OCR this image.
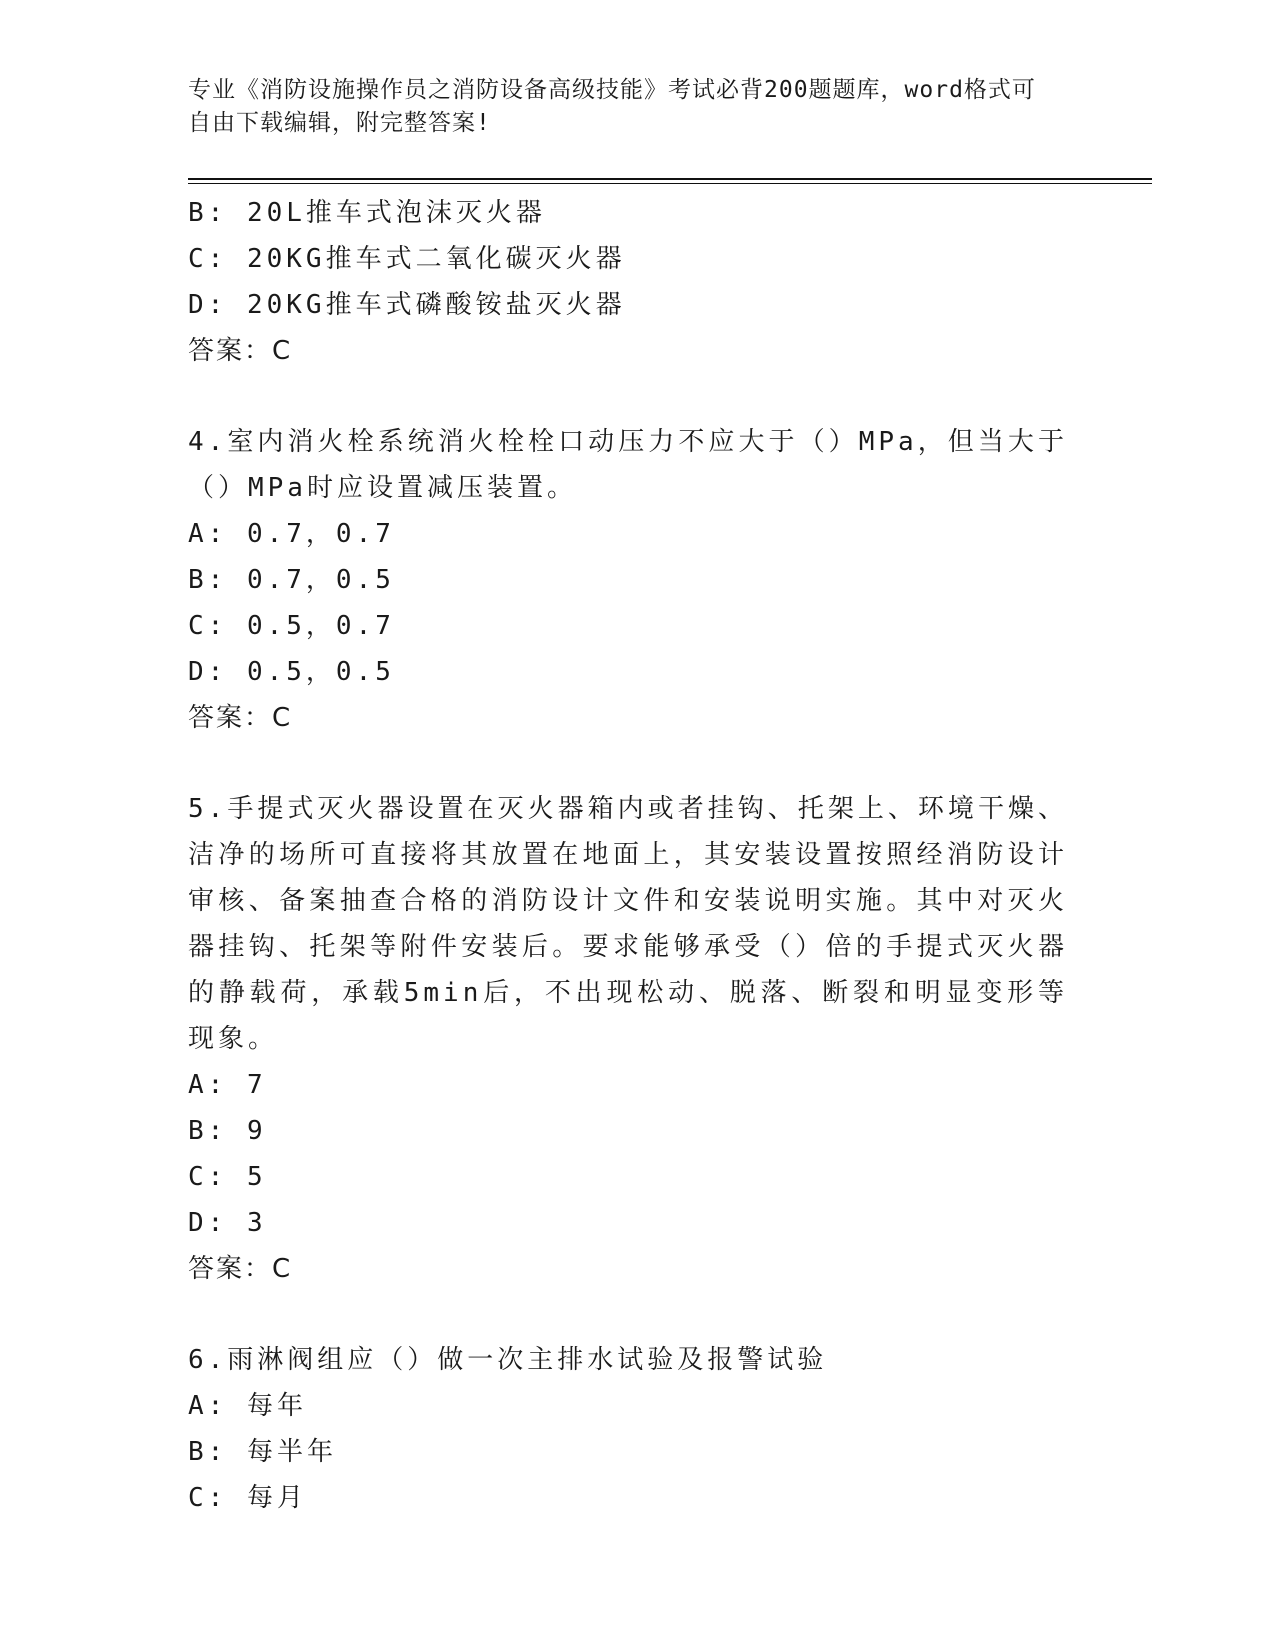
专业《消防设施操作员之消防设备高级技能》考试必背200题题库，word格式可
自由下载编辑，附完整答案!
B: 20L推车式泡沫灭火器
C: 20KG推车式二氧化碳灭火器
D: 20KG推车式磷酸铵盐灭火器
答案：C
4.室内消火栓系统消火栓栓口动压力不应大于（）MPa，但当大于（）MPa时应设置减压装置。
A: 0.7，0.7
B: 0.7，0.5
C: 0.5，0.7
D: 0.5，0.5
答案：C
5.手提式灭火器设置在灭火器箱内或者挂钩、托架上、环境干燥、洁净的场所可直接将其放置在地面上，其安装设置按照经消防设计审核、备案抽查合格的消防设计文件和安装说明实施。其中对灭火器挂钩、托架等附件安装后。要求能够承受（）倍的手提式灭火器的静载荷，承载5min后，不出现松动、脱落、断裂和明显变形等现象。
A: 7
B: 9
C: 5
D: 3
答案：C
6.雨淋阀组应（）做一次主排水试验及报警试验
A: 每年
B: 每半年
C: 每月
